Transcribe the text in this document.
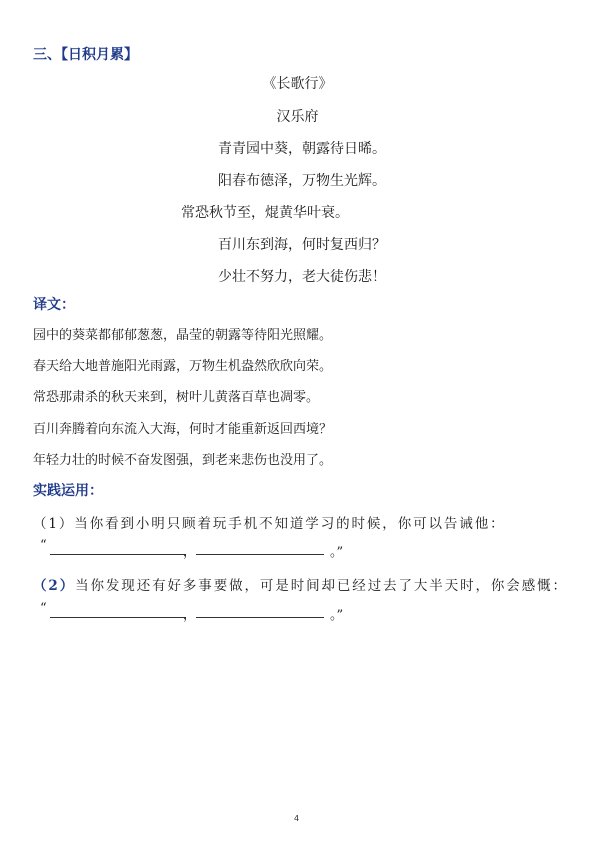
三、【日积月累】
《长歌行》
汉乐府
青青园中葵，朝露待日晞。
阳春布德泽，万物生光辉。
常恐秋节至，焜黄华叶衰。
百川东到海，何时复西归？
少壮不努力，老大徒伤悲！
译文：
园中的葵菜都郁郁葱葱，晶莹的朝露等待阳光照耀。
春天给大地普施阳光雨露，万物生机盎然欣欣向荣。
常恐那肃杀的秋天来到，树叶儿黄落百草也凋零。
百川奔腾着向东流入大海，何时才能重新返回西境？
年轻力壮的时候不奋发图强，到老来悲伤也没用了。
实践运用：
（1）当你看到小明只顾着玩手机不知道学习的时候，你可以告诫他：
“	，	。”
（2）当你发现还有好多事要做，可是时间却已经过去了大半天时，你会感慨：
“	，	。”
4
